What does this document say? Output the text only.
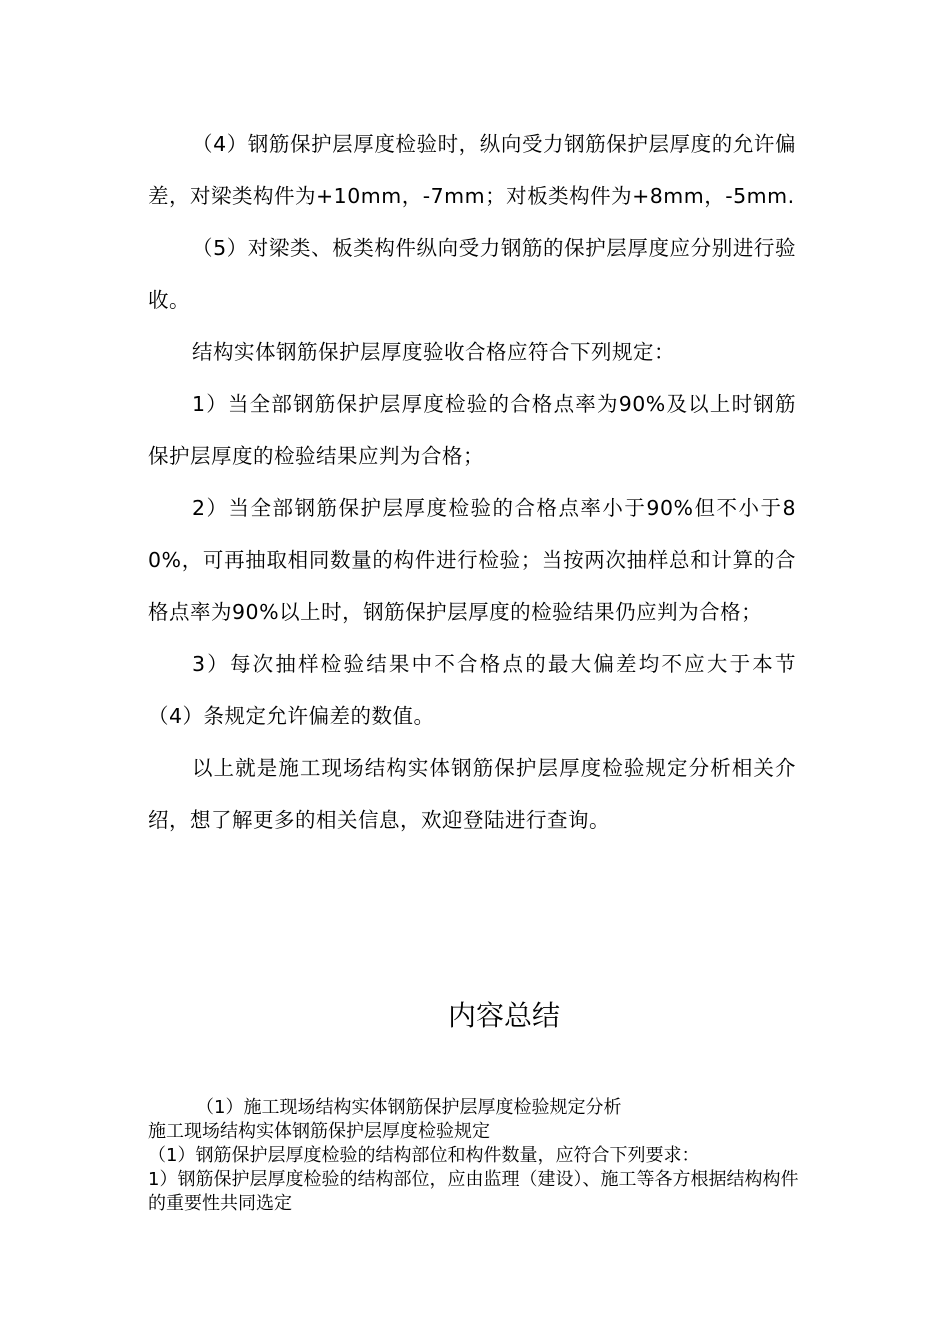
（4）钢筋保护层厚度检验时，纵向受力钢筋保护层厚度的允许偏差，对梁类构件为+10mm，-7mm；对板类构件为+8mm，-5mm.

（5）对梁类、板类构件纵向受力钢筋的保护层厚度应分别进行验收。

结构实体钢筋保护层厚度验收合格应符合下列规定：

1）当全部钢筋保护层厚度检验的合格点率为90%及以上时钢筋保护层厚度的检验结果应判为合格；

2）当全部钢筋保护层厚度检验的合格点率小于90%但不小于80%，可再抽取相同数量的构件进行检验；当按两次抽样总和计算的合格点率为90%以上时，钢筋保护层厚度的检验结果仍应判为合格；

3）每次抽样检验结果中不合格点的最大偏差均不应大于本节（4）条规定允许偏差的数值。

以上就是施工现场结构实体钢筋保护层厚度检验规定分析相关介绍，想了解更多的相关信息，欢迎登陆进行查询。

内容总结

（1）施工现场结构实体钢筋保护层厚度检验规定分析

施工现场结构实体钢筋保护层厚度检验规定

（1）钢筋保护层厚度检验的结构部位和构件数量，应符合下列要求：

1）钢筋保护层厚度检验的结构部位，应由监理（建设）、施工等各方根据结构构件的重要性共同选定
